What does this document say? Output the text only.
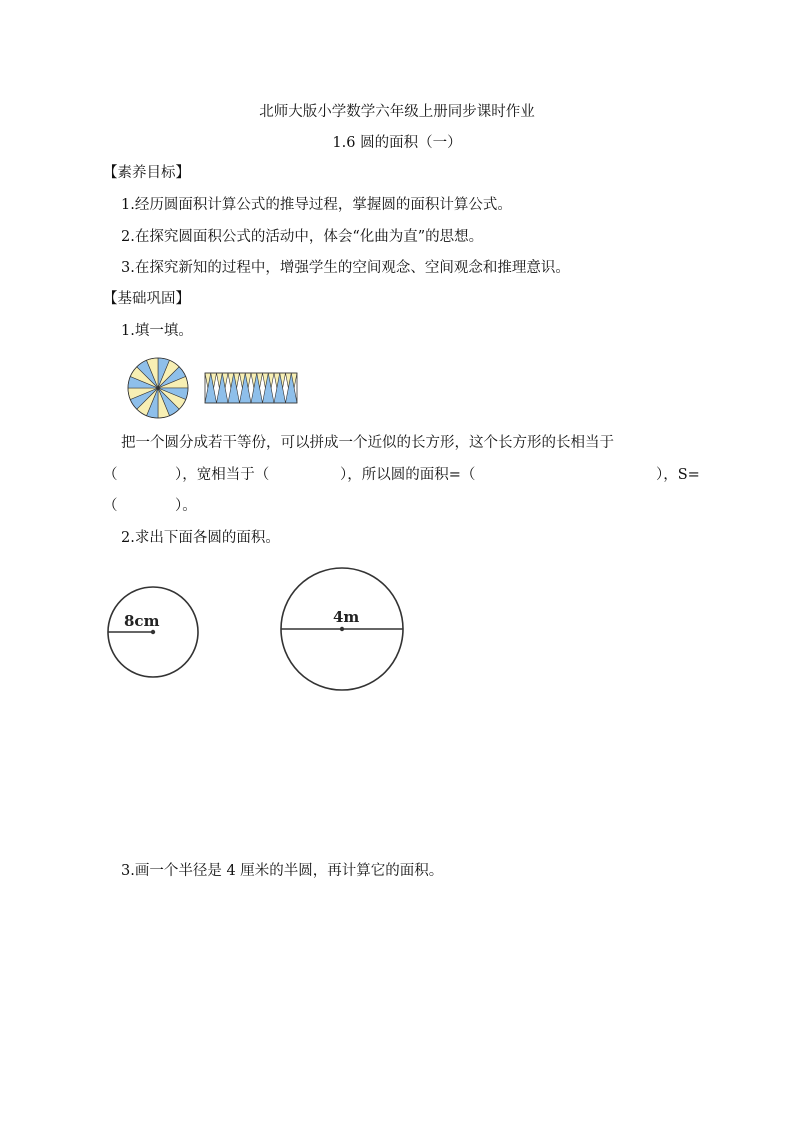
北师大版小学数学六年级上册同步课时作业
1.6 圆的面积（一）
【素养目标】
1.经历圆面积计算公式的推导过程，掌握圆的面积计算公式。
2.在探究圆面积公式的活动中，体会“化曲为直”的思想。
3.在探究新知的过程中，增强学生的空间观念、空间观念和推理意识。
【基础巩固】
1.填一填。
把一个圆分成若干等份，可以拼成一个近似的长方形，这个长方形的长相当于
（	），宽相当于（	），所以圆的面积=（	），S=
（	）。
2.求出下面各圆的面积。
8cm	4m
3.画一个半径是 4 厘米的半圆，再计算它的面积。
